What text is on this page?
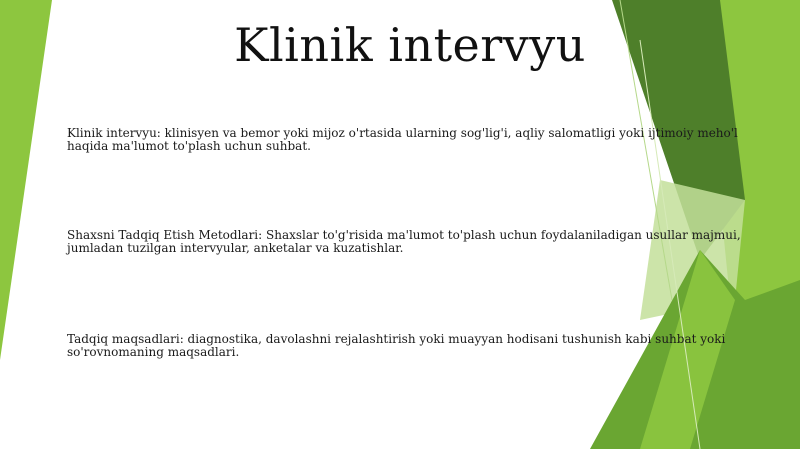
Klinik intervyu
Klinik intervyu: klinisyen va bemor yoki mijoz o'rtasida ularning sog'lig'i, aqliy salomatligi yoki ijtimoiy meho'l haqida ma'lumot to'plash uchun suhbat.
Shaxsni Tadqiq Etish Metodlari: Shaxslar to'g'risida ma'lumot to'plash uchun foydalaniladigan usullar majmui, jumladan tuzilgan intervyular, anketalar va kuzatishlar.
Tadqiq maqsadlari: diagnostika, davolashni rejalashtirish yoki muayyan hodisani tushunish kabi suhbat yoki so'rovnomaning maqsadlari.
